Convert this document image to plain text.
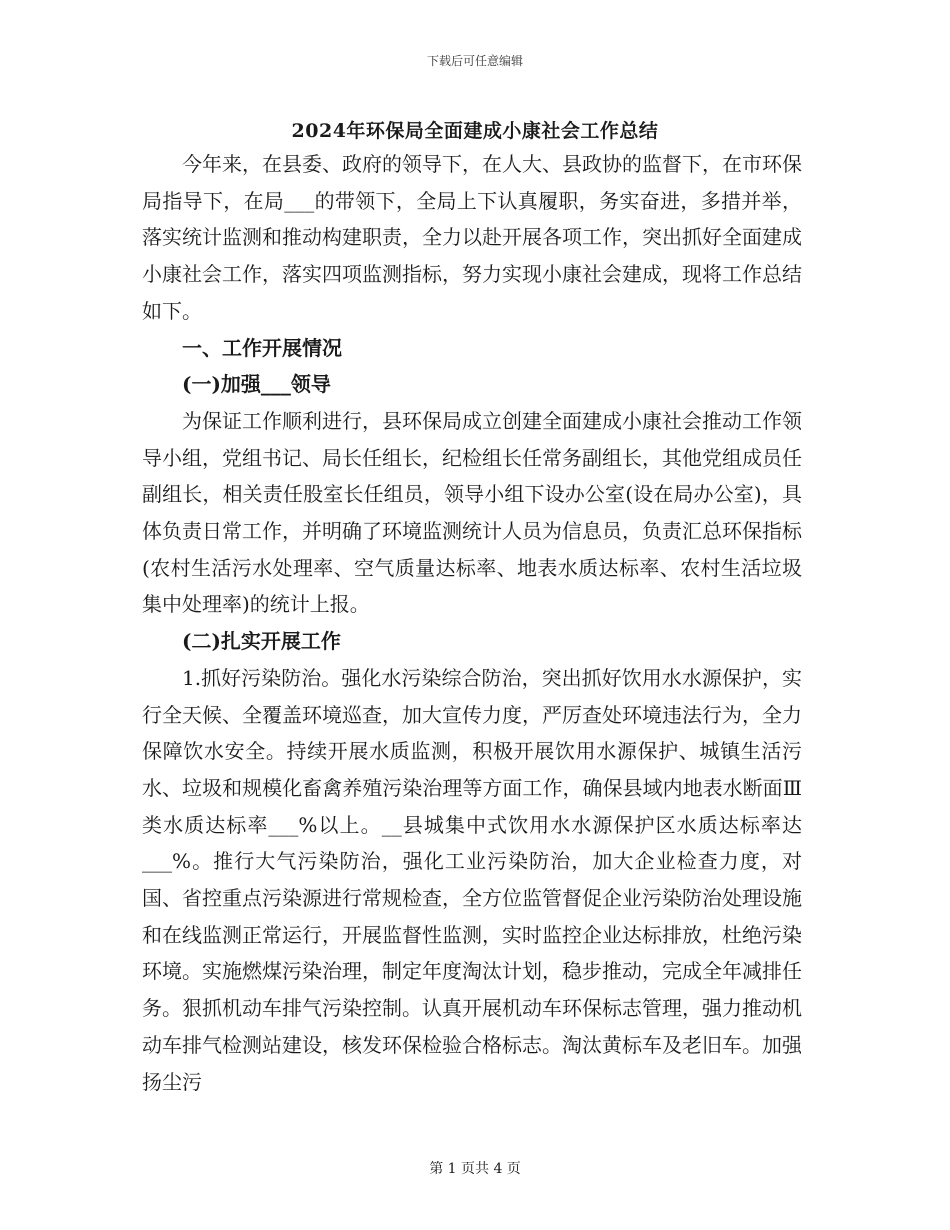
下载后可任意编辑
2024年环保局全面建成小康社会工作总结

今年来，在县委、政府的领导下，在人大、县政协的监督下，在市环保局指导下，在局___的带领下，全局上下认真履职，务实奋进，多措并举，落实统计监测和推动构建职责，全力以赴开展各项工作，突出抓好全面建成小康社会工作，落实四项监测指标，努力实现小康社会建成，现将工作总结如下。

一、工作开展情况

(一)加强___领导

为保证工作顺利进行，县环保局成立创建全面建成小康社会推动工作领导小组，党组书记、局长任组长，纪检组长任常务副组长，其他党组成员任副组长，相关责任股室长任组员，领导小组下设办公室(设在局办公室)，具体负责日常工作，并明确了环境监测统计人员为信息员，负责汇总环保指标(农村生活污水处理率、空气质量达标率、地表水质达标率、农村生活垃圾集中处理率)的统计上报。

(二)扎实开展工作

1.抓好污染防治。强化水污染综合防治，突出抓好饮用水水源保护，实行全天候、全覆盖环境巡查，加大宣传力度，严厉查处环境违法行为，全力保障饮水安全。持续开展水质监测，积极开展饮用水源保护、城镇生活污水、垃圾和规模化畜禽养殖污染治理等方面工作，确保县域内地表水断面Ⅲ类水质达标率___%以上。__县城集中式饮用水水源保护区水质达标率达___%。推行大气污染防治，强化工业污染防治，加大企业检查力度，对国、省控重点污染源进行常规检查，全方位监管督促企业污染防治处理设施和在线监测正常运行，开展监督性监测，实时监控企业达标排放，杜绝污染环境。实施燃煤污染治理，制定年度淘汰计划，稳步推动，完成全年减排任务。狠抓机动车排气污染控制。认真开展机动车环保标志管理，强力推动机动车排气检测站建设，核发环保检验合格标志。淘汰黄标车及老旧车。加强扬尘污

第 1 页共 4 页
